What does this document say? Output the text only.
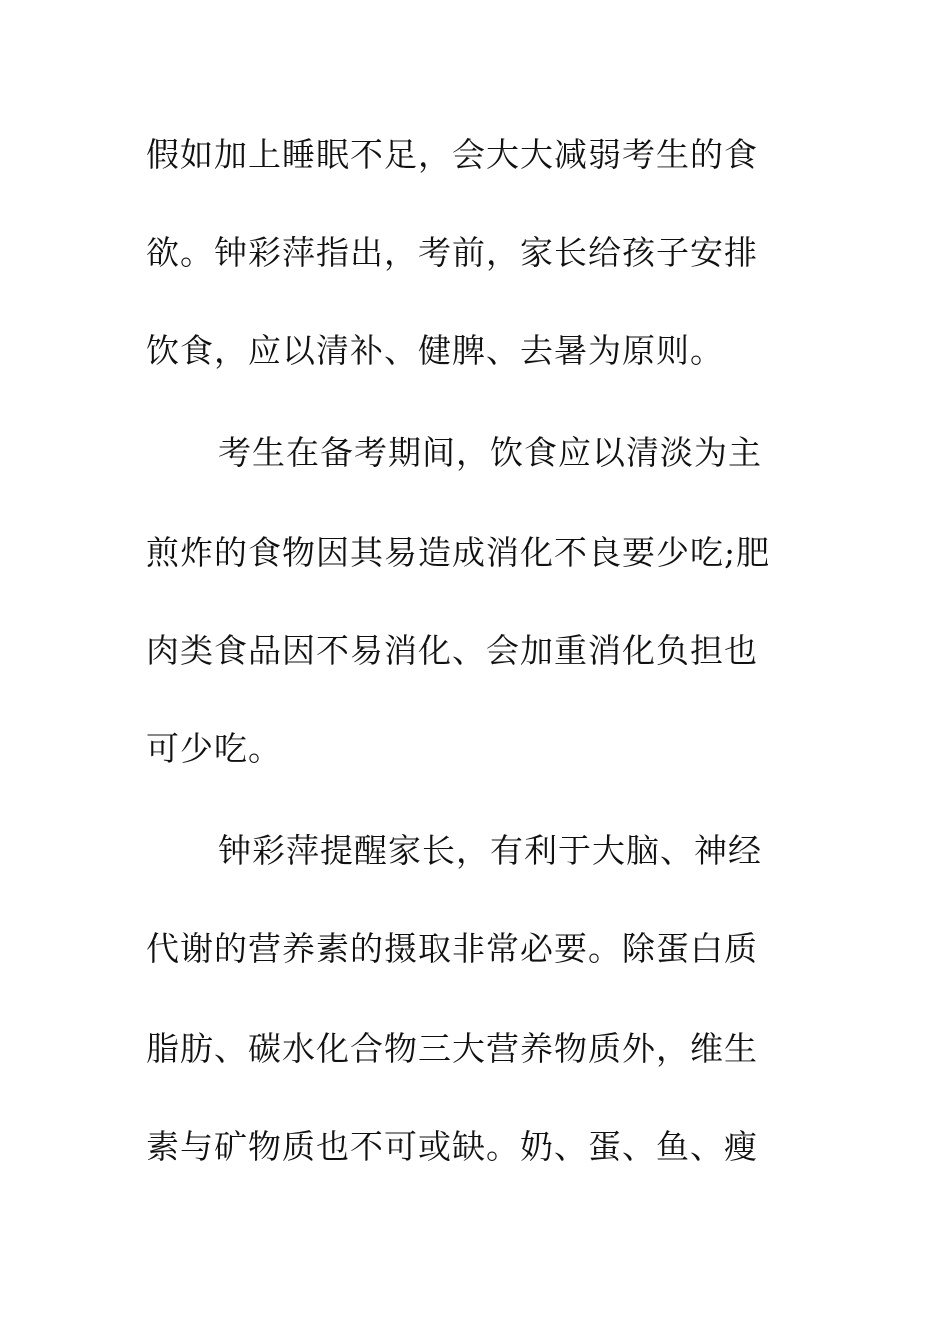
假如加上睡眠不足，会大大减弱考生的食
欲。钟彩萍指出，考前，家长给孩子安排
饮食，应以清补、健脾、去暑为原则。
考生在备考期间，饮食应以清淡为主
煎炸的食物因其易造成消化不良要少吃;肥
肉类食品因不易消化、会加重消化负担也
可少吃。
钟彩萍提醒家长，有利于大脑、神经
代谢的营养素的摄取非常必要。除蛋白质
脂肪、碳水化合物三大营养物质外，维生
素与矿物质也不可或缺。奶、蛋、鱼、瘦
